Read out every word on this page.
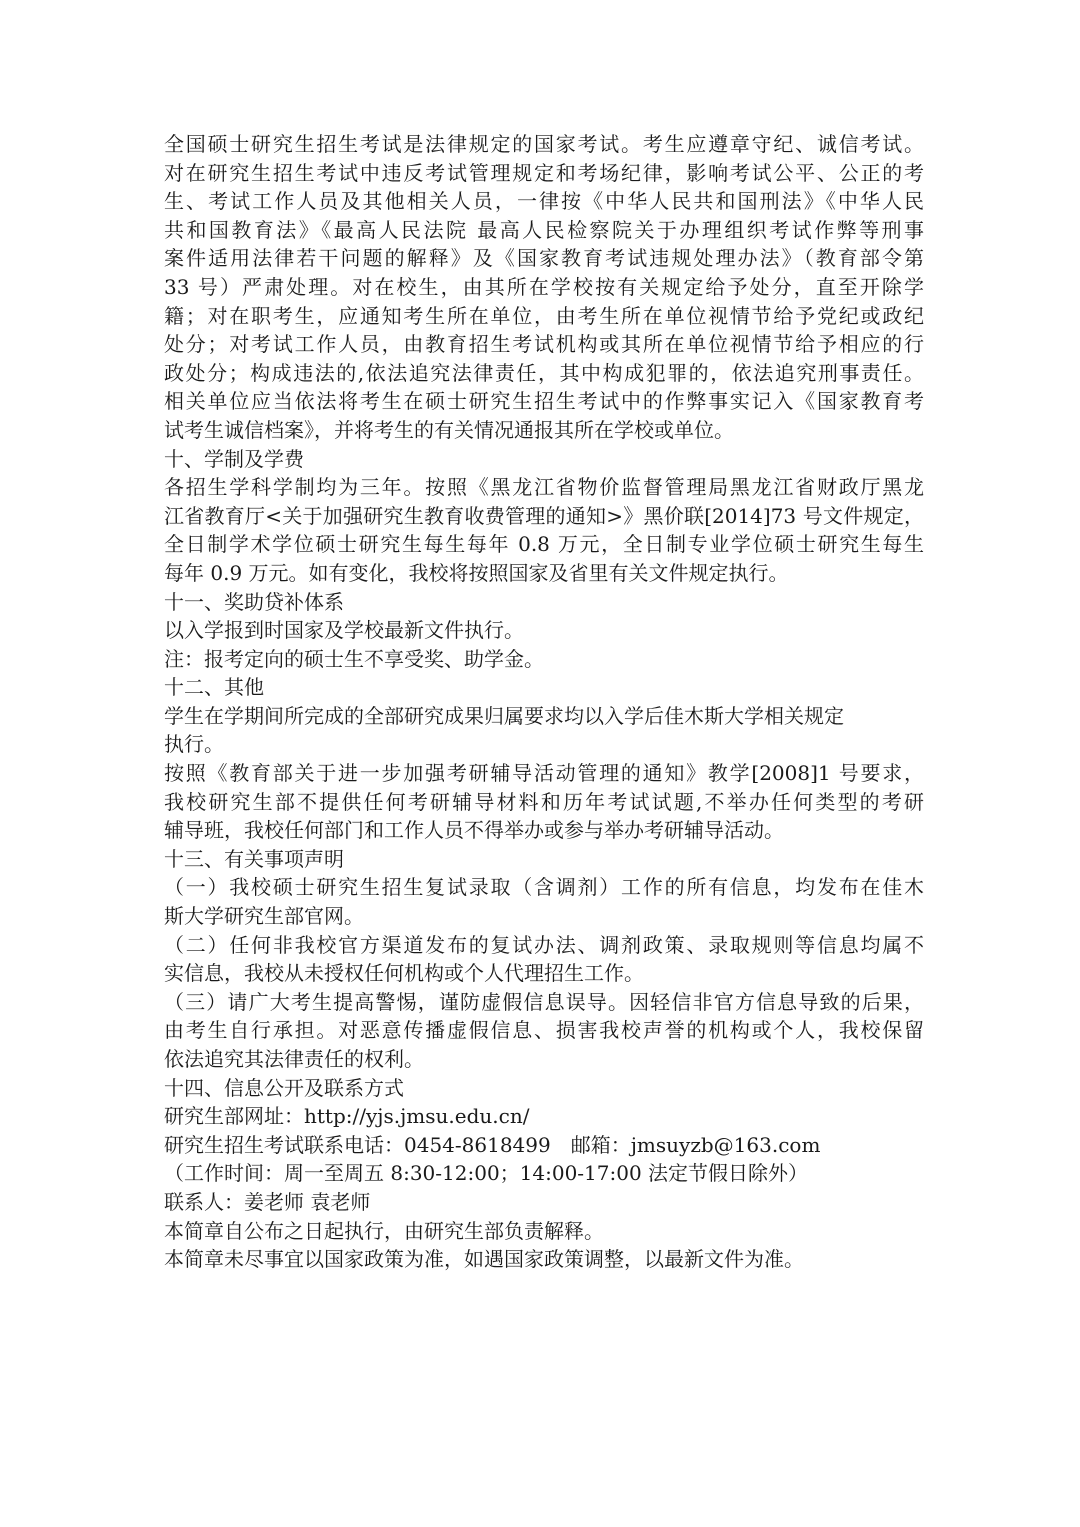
全国硕士研究生招生考试是法律规定的国家考试。考生应遵章守纪、诚信考试。
对在研究生招生考试中违反考试管理规定和考场纪律，影响考试公平、公正的考
生、考试工作人员及其他相关人员，一律按《中华人民共和国刑法》《中华人民
共和国教育法》《最高人民法院 最高人民检察院关于办理组织考试作弊等刑事
案件适用法律若干问题的解释》及《国家教育考试违规处理办法》（教育部令第
33 号）严肃处理。对在校生，由其所在学校按有关规定给予处分，直至开除学
籍；对在职考生，应通知考生所在单位，由考生所在单位视情节给予党纪或政纪
处分；对考试工作人员，由教育招生考试机构或其所在单位视情节给予相应的行
政处分；构成违法的,依法追究法律责任，其中构成犯罪的，依法追究刑事责任。
相关单位应当依法将考生在硕士研究生招生考试中的作弊事实记入《国家教育考
试考生诚信档案》，并将考生的有关情况通报其所在学校或单位。
十、学制及学费
各招生学科学制均为三年。按照《黑龙江省物价监督管理局黑龙江省财政厅黑龙
江省教育厅<关于加强研究生教育收费管理的通知>》黑价联[2014]73 号文件规定，
全日制学术学位硕士研究生每生每年 0.8 万元，全日制专业学位硕士研究生每生
每年 0.9 万元。如有变化，我校将按照国家及省里有关文件规定执行。
十一、奖助贷补体系
以入学报到时国家及学校最新文件执行。
注：报考定向的硕士生不享受奖、助学金。
十二、其他
学生在学期间所完成的全部研究成果归属要求均以入学后佳木斯大学相关规定
执行。
按照《教育部关于进一步加强考研辅导活动管理的通知》教学[2008]1 号要求，
我校研究生部不提供任何考研辅导材料和历年考试试题,不举办任何类型的考研
辅导班，我校任何部门和工作人员不得举办或参与举办考研辅导活动。
十三、有关事项声明
（一）我校硕士研究生招生复试录取（含调剂）工作的所有信息，均发布在佳木
斯大学研究生部官网。
（二）任何非我校官方渠道发布的复试办法、调剂政策、录取规则等信息均属不
实信息，我校从未授权任何机构或个人代理招生工作。
（三）请广大考生提高警惕，谨防虚假信息误导。因轻信非官方信息导致的后果，
由考生自行承担。对恶意传播虚假信息、损害我校声誉的机构或个人，我校保留
依法追究其法律责任的权利。
十四、信息公开及联系方式
研究生部网址：http://yjs.jmsu.edu.cn/
研究生招生考试联系电话：0454-8618499　邮箱：jmsuyzb@163.com
（工作时间：周一至周五 8:30-12:00；14:00-17:00 法定节假日除外）
联系人：姜老师 袁老师
本简章自公布之日起执行，由研究生部负责解释。
本简章未尽事宜以国家政策为准，如遇国家政策调整，以最新文件为准。
